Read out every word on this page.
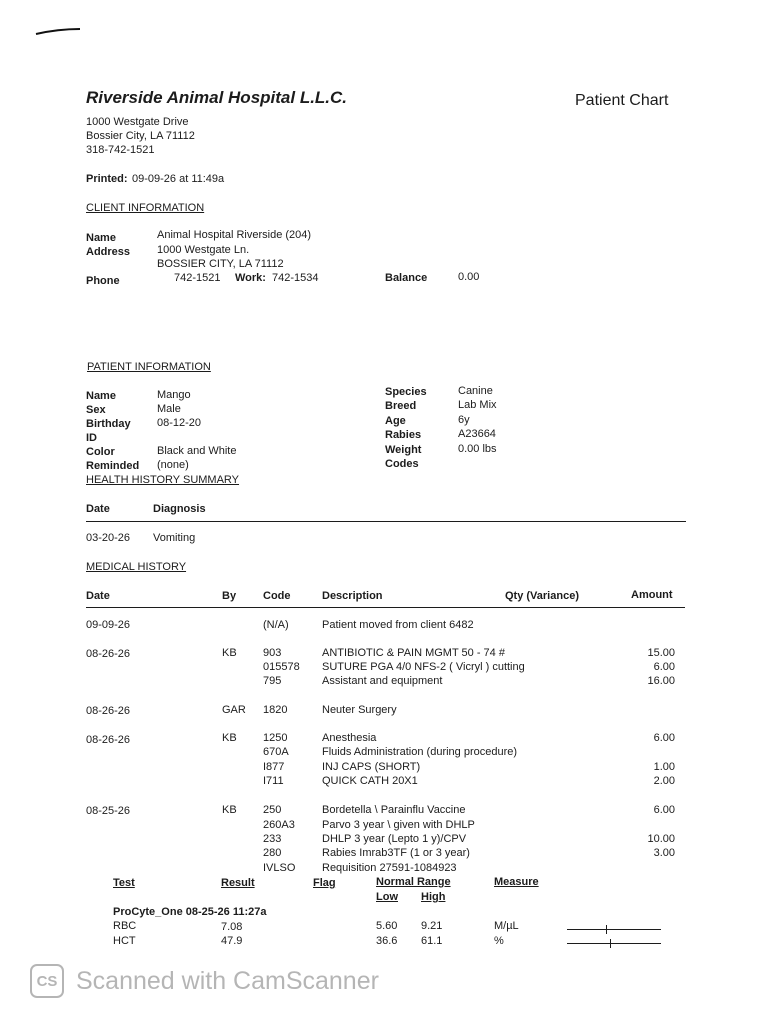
Riverside Animal Hospital L.L.C.	Patient Chart
1000 Westgate Drive
Bossier City, LA 71112
318-742-1521
Printed: 09-09-26 at 11:49a
CLIENT INFORMATION
Name	Animal Hospital Riverside (204)
Address 1000 Westgate Ln.
BOSSIER CITY, LA 71112
Phone	742-1521 Work: 742-1534	Balance	0.00
PATIENT INFORMATION
Name	Mango
Sex	Male
Birthday 08-12-20
ID
Color	Black and White
Reminded (none)
Species	Canine
Breed	Lab Mix
Age	6y
Rabies	A23664
Weight	0.00 lbs
Codes
HEALTH HISTORY SUMMARY
Date	Diagnosis
03-20-26 Vomiting
MEDICAL HISTORY
Date	By Code	Description	Qty (Variance)	Amount
09-09-26	(N/A)	Patient moved from client 6482
08-26-26	KB 903	ANTIBIOTIC & PAIN MGMT 50 - 74 #	15.00
015578 SUTURE PGA 4/0 NFS-2 ( Vicryl ) cutting	6.00
795	Assistant and equipment	16.00
08-26-26	GAR 1820	Neuter Surgery
08-26-26	KB 1250	Anesthesia	6.00
670A	Fluids Administration (during procedure)
I877	INJ CAPS (SHORT)	1.00
I711	QUICK CATH 20X1	2.00
08-25-26	KB 250	Bordetella \ Parainflu Vaccine	6.00
260A3 Parvo 3 year \ given with DHLP
233	DHLP 3 year (Lepto 1 y)/CPV	10.00
280	Rabies Imrab3TF (1 or 3 year)	3.00
IVLSO Requisition 27591-1084923
Test	Result	Flag	Normal Range	Measure
Low High
ProCyte_One 08-25-26 11:27a
RBC	7.08	5.60 9.21	M/µL
HCT	47.9	36.6 61.1	%
CS Scanned with CamScanner
